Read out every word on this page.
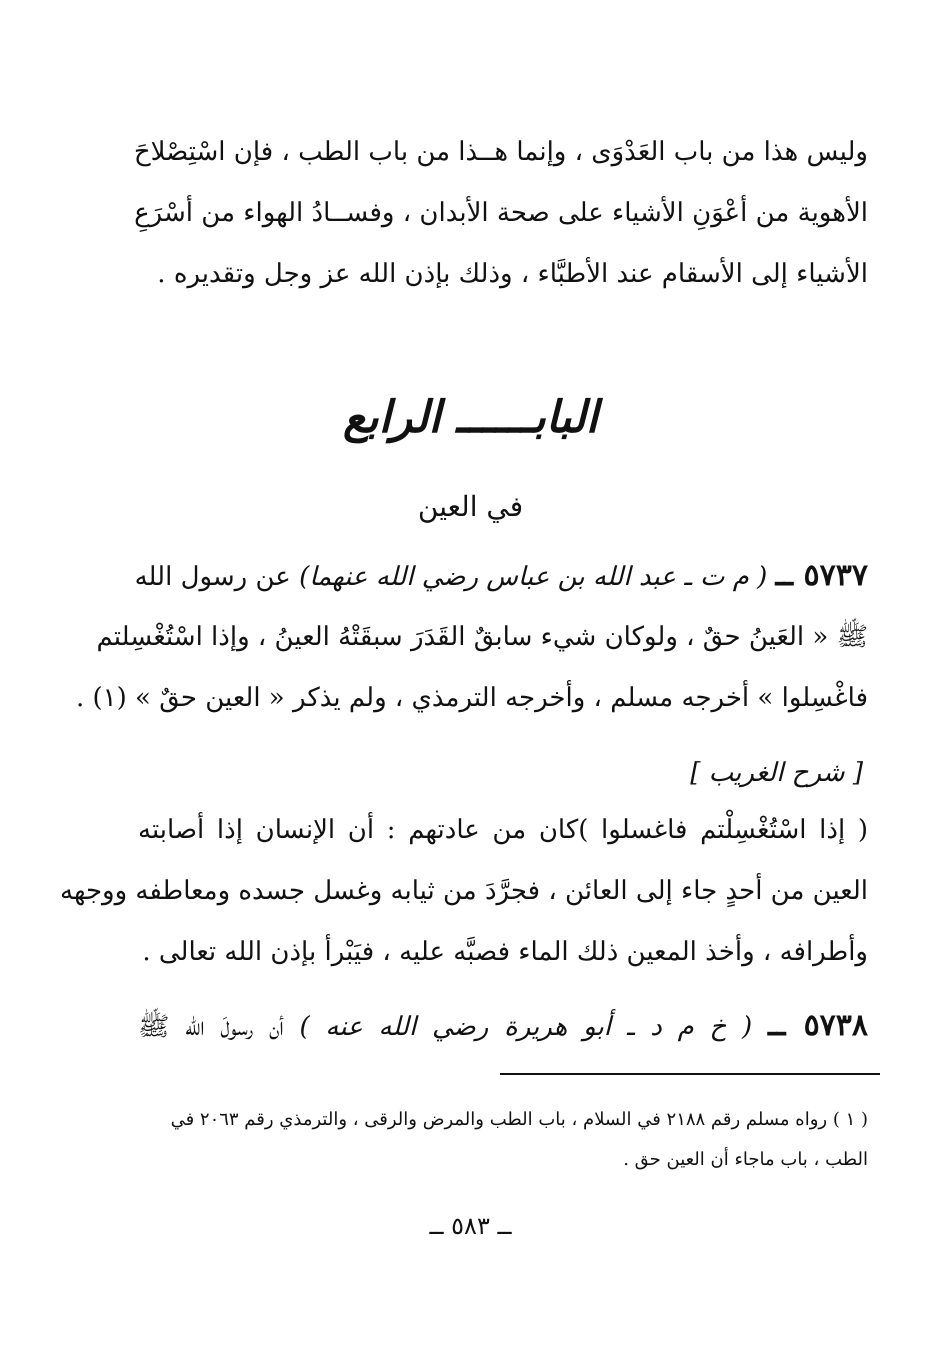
وليس هذا من باب العَدْوَى ، وإنما هــذا من باب الطب ، فإن اسْتِصْلاحَ
الأهوية من أعْوَنِ الأشياء على صحة الأبدان ، وفســادُ الهواء من أسْرَعِ
الأشياء إلى الأسقام عند الأطبَّاء ، وذلك بإذن الله عز وجل وتقديره .
البابــــــ الرابع
في العين
٥٧٣٧ ــ ( م ت ـ عبد الله بن عباس رضي الله عنهما) عن رسول الله
ﷺ « العَينُ حقٌ ، ولوكان شيء سابقٌ القَدَرَ سبقَتْهُ العينُ ، وإذا اسْتُغْسِلتم
فاغْسِلوا » أخرجه مسلم ، وأخرجه الترمذي ، ولم يذكر « العين حقٌ » (١) .
[ شرح الغريب ]
( إذا اسْتُغْسِلْتم فاغسلوا )كان من عادتهم : أن الإنسان إذا أصابته
العين من أحدٍ جاء إلى العائن ، فجرَّدَ من ثيابه وغسل جسده ومعاطفه ووجهه
وأطرافه ، وأخذ المعين ذلك الماء فصبَّه عليه ، فيَبْرأ بإذن الله تعالى .
٥٧٣٨ ــ ( خ م د ـ أبو هريرة رضي الله عنه ) أن رسولَ الله ﷺ
( ١ ) رواه مسلم رقم ٢١٨٨ في السلام ، باب الطب والمرض والرقى ، والترمذي رقم ٢٠٦٣ في
الطب ، باب ماجاء أن العين حق .
ــ ٥٨٣ ــ
